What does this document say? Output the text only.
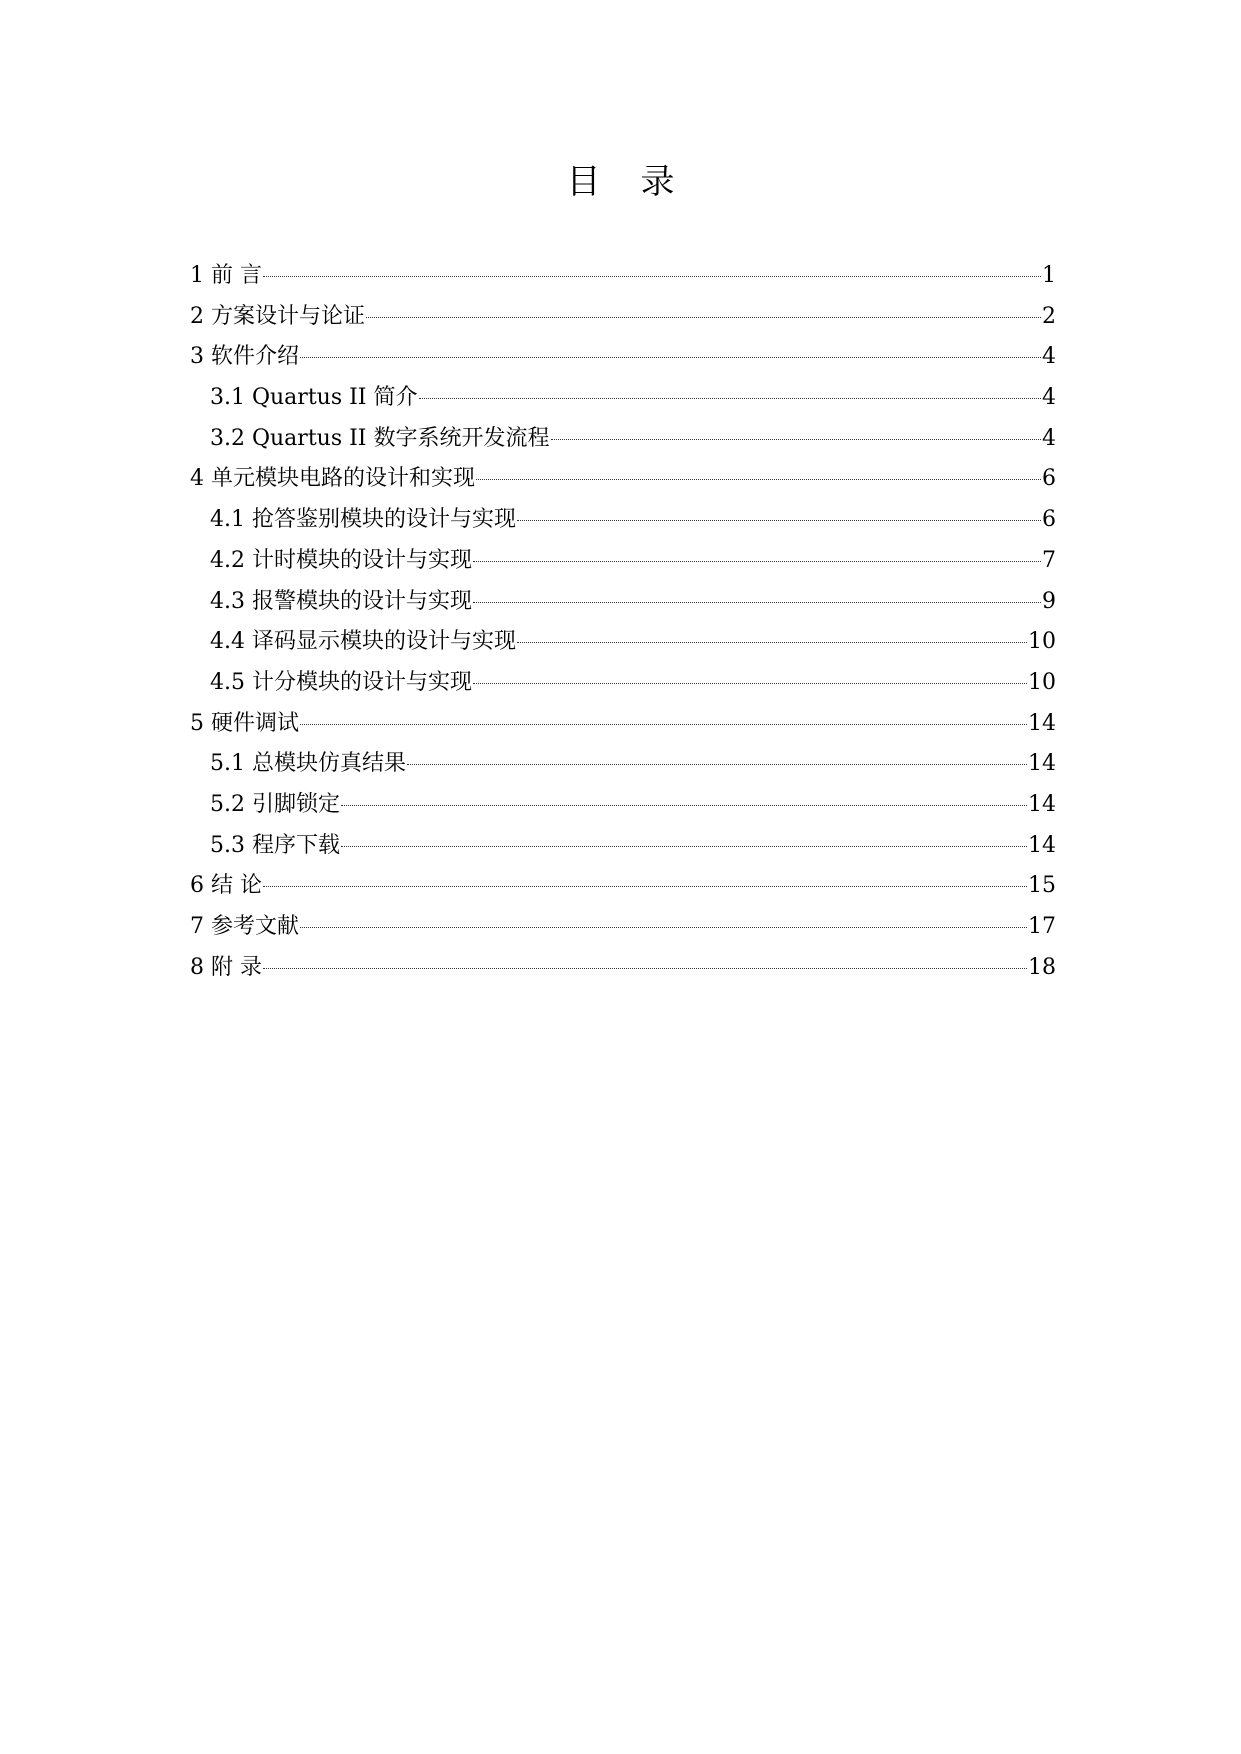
目录
1 前 言	1
2 方案设计与论证	2
3 软件介绍	4
3.1 Quartus II 简介	4
3.2 Quartus II 数字系统开发流程	4
4 单元模块电路的设计和实现	6
4.1 抢答鉴别模块的设计与实现	6
4.2 计时模块的设计与实现	7
4.3 报警模块的设计与实现	9
4.4 译码显示模块的设计与实现	10
4.5 计分模块的设计与实现	10
5 硬件调试	14
5.1 总模块仿真结果	14
5.2 引脚锁定	14
5.3 程序下载	14
6 结 论	15
7 参考文献	17
8 附 录	18
